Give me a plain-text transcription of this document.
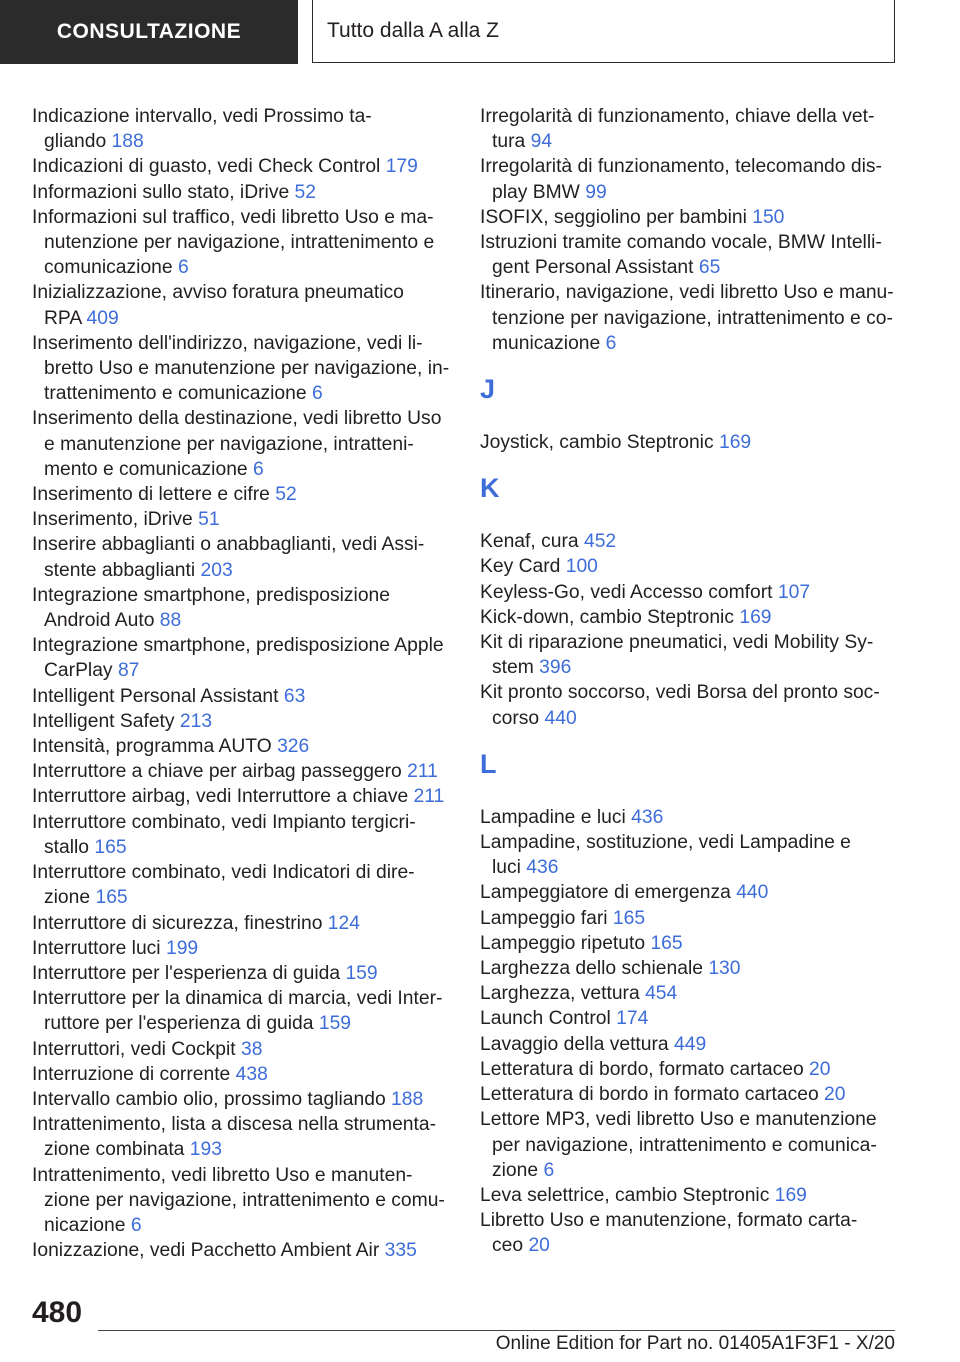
CONSULTAZIONE	Tutto dalla A alla Z
Indicazione intervallo, vedi Prossimo ta-
gliando 188
Indicazioni di guasto, vedi Check Control 179
Informazioni sullo stato, iDrive 52
Informazioni sul traffico, vedi libretto Uso e ma-
nutenzione per navigazione, intrattenimento e
comunicazione 6
Inizializzazione, avviso foratura pneumatico
RPA 409
Inserimento dell'indirizzo, navigazione, vedi li-
bretto Uso e manutenzione per navigazione, in-
trattenimento e comunicazione 6
Inserimento della destinazione, vedi libretto Uso
e manutenzione per navigazione, intratteni-
mento e comunicazione 6
Inserimento di lettere e cifre 52
Inserimento, iDrive 51
Inserire abbaglianti o anabbaglianti, vedi Assi-
stente abbaglianti 203
Integrazione smartphone, predisposizione
Android Auto 88
Integrazione smartphone, predisposizione Apple
CarPlay 87
Intelligent Personal Assistant 63
Intelligent Safety 213
Intensità, programma AUTO 326
Interruttore a chiave per airbag passeggero 211
Interruttore airbag, vedi Interruttore a chiave 211
Interruttore combinato, vedi Impianto tergicri-
stallo 165
Interruttore combinato, vedi Indicatori di dire-
zione 165
Interruttore di sicurezza, finestrino 124
Interruttore luci 199
Interruttore per l'esperienza di guida 159
Interruttore per la dinamica di marcia, vedi Inter-
ruttore per l'esperienza di guida 159
Interruttori, vedi Cockpit 38
Interruzione di corrente 438
Intervallo cambio olio, prossimo tagliando 188
Intrattenimento, lista a discesa nella strumenta-
zione combinata 193
Intrattenimento, vedi libretto Uso e manuten-
zione per navigazione, intrattenimento e comu-
nicazione 6
Ionizzazione, vedi Pacchetto Ambient Air 335
Irregolarità di funzionamento, chiave della vet-
tura 94
Irregolarità di funzionamento, telecomando dis-
play BMW 99
ISOFIX, seggiolino per bambini 150
Istruzioni tramite comando vocale, BMW Intelli-
gent Personal Assistant 65
Itinerario, navigazione, vedi libretto Uso e manu-
tenzione per navigazione, intrattenimento e co-
municazione 6
J
Joystick, cambio Steptronic 169
K
Kenaf, cura 452
Key Card 100
Keyless-Go, vedi Accesso comfort 107
Kick-down, cambio Steptronic 169
Kit di riparazione pneumatici, vedi Mobility Sy-
stem 396
Kit pronto soccorso, vedi Borsa del pronto soc-
corso 440
L
Lampadine e luci 436
Lampadine, sostituzione, vedi Lampadine e
luci 436
Lampeggiatore di emergenza 440
Lampeggio fari 165
Lampeggio ripetuto 165
Larghezza dello schienale 130
Larghezza, vettura 454
Launch Control 174
Lavaggio della vettura 449
Letteratura di bordo, formato cartaceo 20
Letteratura di bordo in formato cartaceo 20
Lettore MP3, vedi libretto Uso e manutenzione
per navigazione, intrattenimento e comunica-
zione 6
Leva selettrice, cambio Steptronic 169
Libretto Uso e manutenzione, formato carta-
ceo 20
480
Online Edition for Part no. 01405A1F3F1 - X/20
